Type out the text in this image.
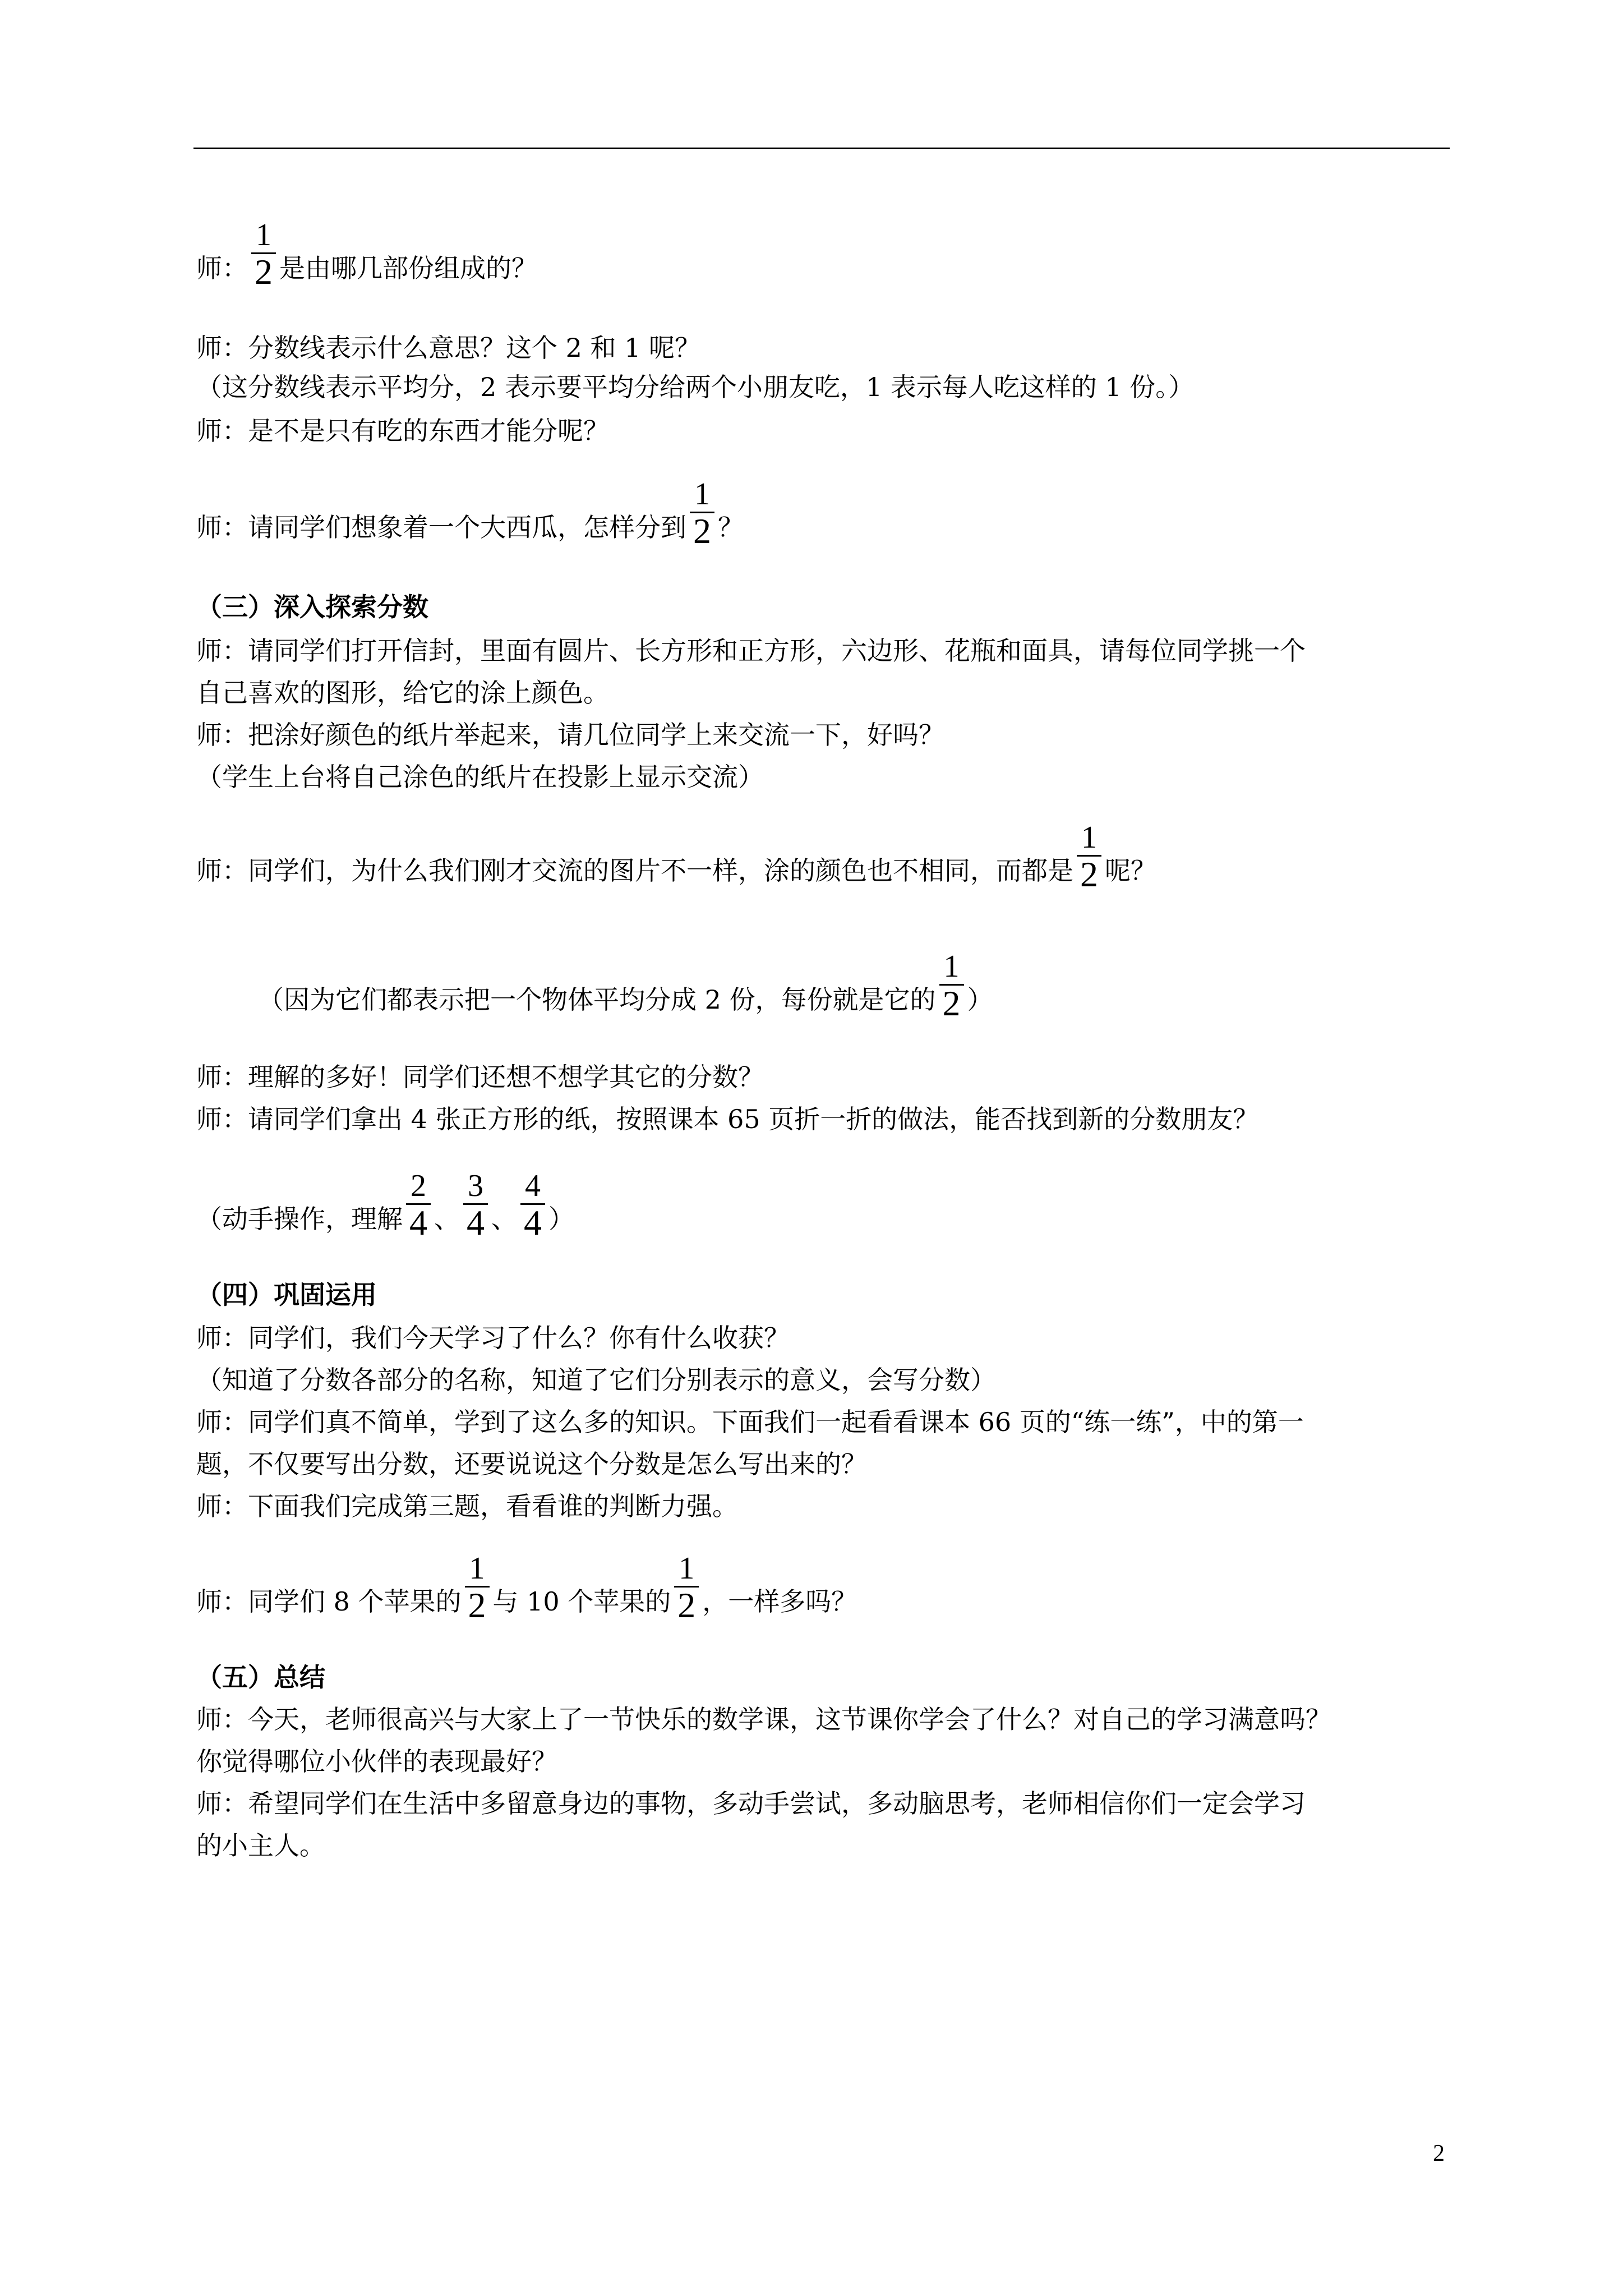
师： $\frac{1}{2}$ 是由哪几部份组成的？
师：分数线表示什么意思？这个 2 和 1 呢？
（这分数线表示平均分，2 表示要平均分给两个小朋友吃，1 表示每人吃这样的 1 份。）
师：是不是只有吃的东西才能分呢？
师：请同学们想象着一个大西瓜，怎样分到 $\frac{1}{2}$ ？
（三）深入探索分数
师：请同学们打开信封，里面有圆片、长方形和正方形，六边形、花瓶和面具，请每位同学挑一个
自己喜欢的图形，给它的涂上颜色。
师：把涂好颜色的纸片举起来，请几位同学上来交流一下，好吗？
（学生上台将自己涂色的纸片在投影上显示交流）
师：同学们，为什么我们刚才交流的图片不一样，涂的颜色也不相同，而都是 $\frac{1}{2}$ 呢？
（因为它们都表示把一个物体平均分成 2 份，每份就是它的 $\frac{1}{2}$ ）
师：理解的多好！同学们还想不想学其它的分数？
师：请同学们拿出 4 张正方形的纸，按照课本 65 页折一折的做法，能否找到新的分数朋友？
（动手操作，理解 $\frac{2}{4}$ 、 $\frac{3}{4}$ 、 $\frac{4}{4}$ ）
（四）巩固运用
师：同学们，我们今天学习了什么？你有什么收获？
（知道了分数各部分的名称，知道了它们分别表示的意义，会写分数）
师：同学们真不简单，学到了这么多的知识。下面我们一起看看课本 66 页的“练一练”，中的第一
题，不仅要写出分数，还要说说这个分数是怎么写出来的？
师：下面我们完成第三题，看看谁的判断力强。
师：同学们 8 个苹果的 $\frac{1}{2}$ 与 10 个苹果的 $\frac{1}{2}$ ，一样多吗？
（五）总结
师：今天，老师很高兴与大家上了一节快乐的数学课，这节课你学会了什么？对自己的学习满意吗？
你觉得哪位小伙伴的表现最好？
师：希望同学们在生活中多留意身边的事物，多动手尝试，多动脑思考，老师相信你们一定会学习
的小主人。
2
